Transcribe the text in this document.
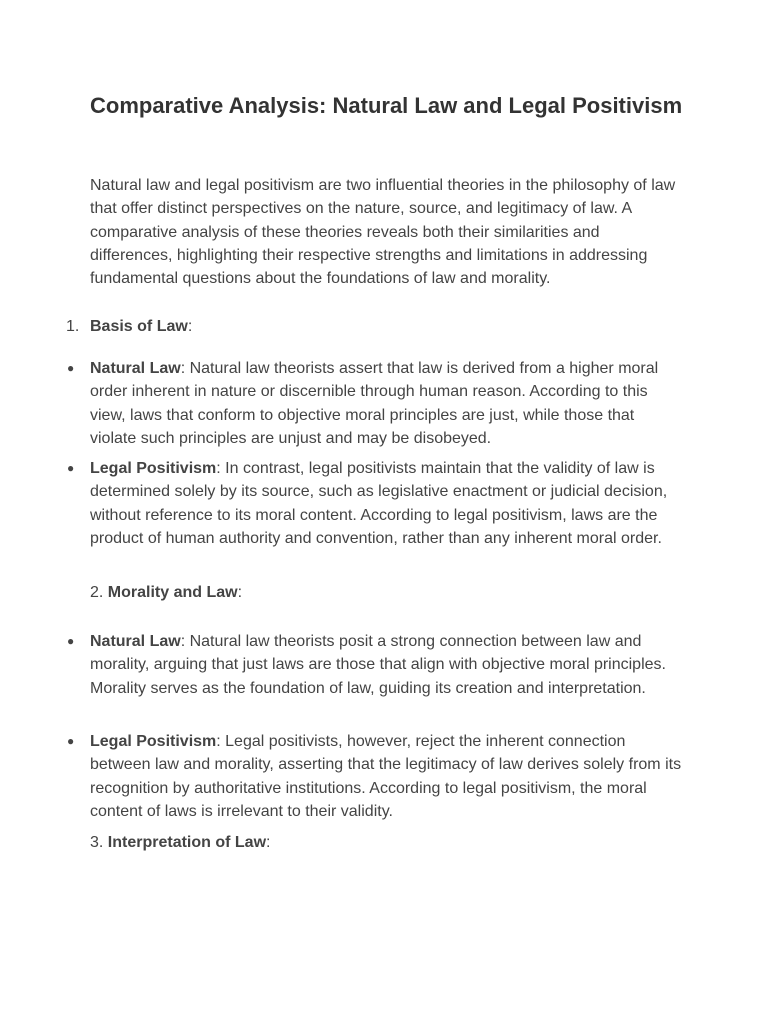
Comparative Analysis: Natural Law and Legal Positivism

Natural law and legal positivism are two influential theories in the philosophy of law that offer distinct perspectives on the nature, source, and legitimacy of law. A comparative analysis of these theories reveals both their similarities and differences, highlighting their respective strengths and limitations in addressing fundamental questions about the foundations of law and morality.

1. Basis of Law:

● Natural Law: Natural law theorists assert that law is derived from a higher moral order inherent in nature or discernible through human reason. According to this view, laws that conform to objective moral principles are just, while those that violate such principles are unjust and may be disobeyed.

● Legal Positivism: In contrast, legal positivists maintain that the validity of law is determined solely by its source, such as legislative enactment or judicial decision, without reference to its moral content. According to legal positivism, laws are the product of human authority and convention, rather than any inherent moral order.

2. Morality and Law:

● Natural Law: Natural law theorists posit a strong connection between law and morality, arguing that just laws are those that align with objective moral principles. Morality serves as the foundation of law, guiding its creation and interpretation.

● Legal Positivism: Legal positivists, however, reject the inherent connection between law and morality, asserting that the legitimacy of law derives solely from its recognition by authoritative institutions. According to legal positivism, the moral content of laws is irrelevant to their validity.

3. Interpretation of Law:
